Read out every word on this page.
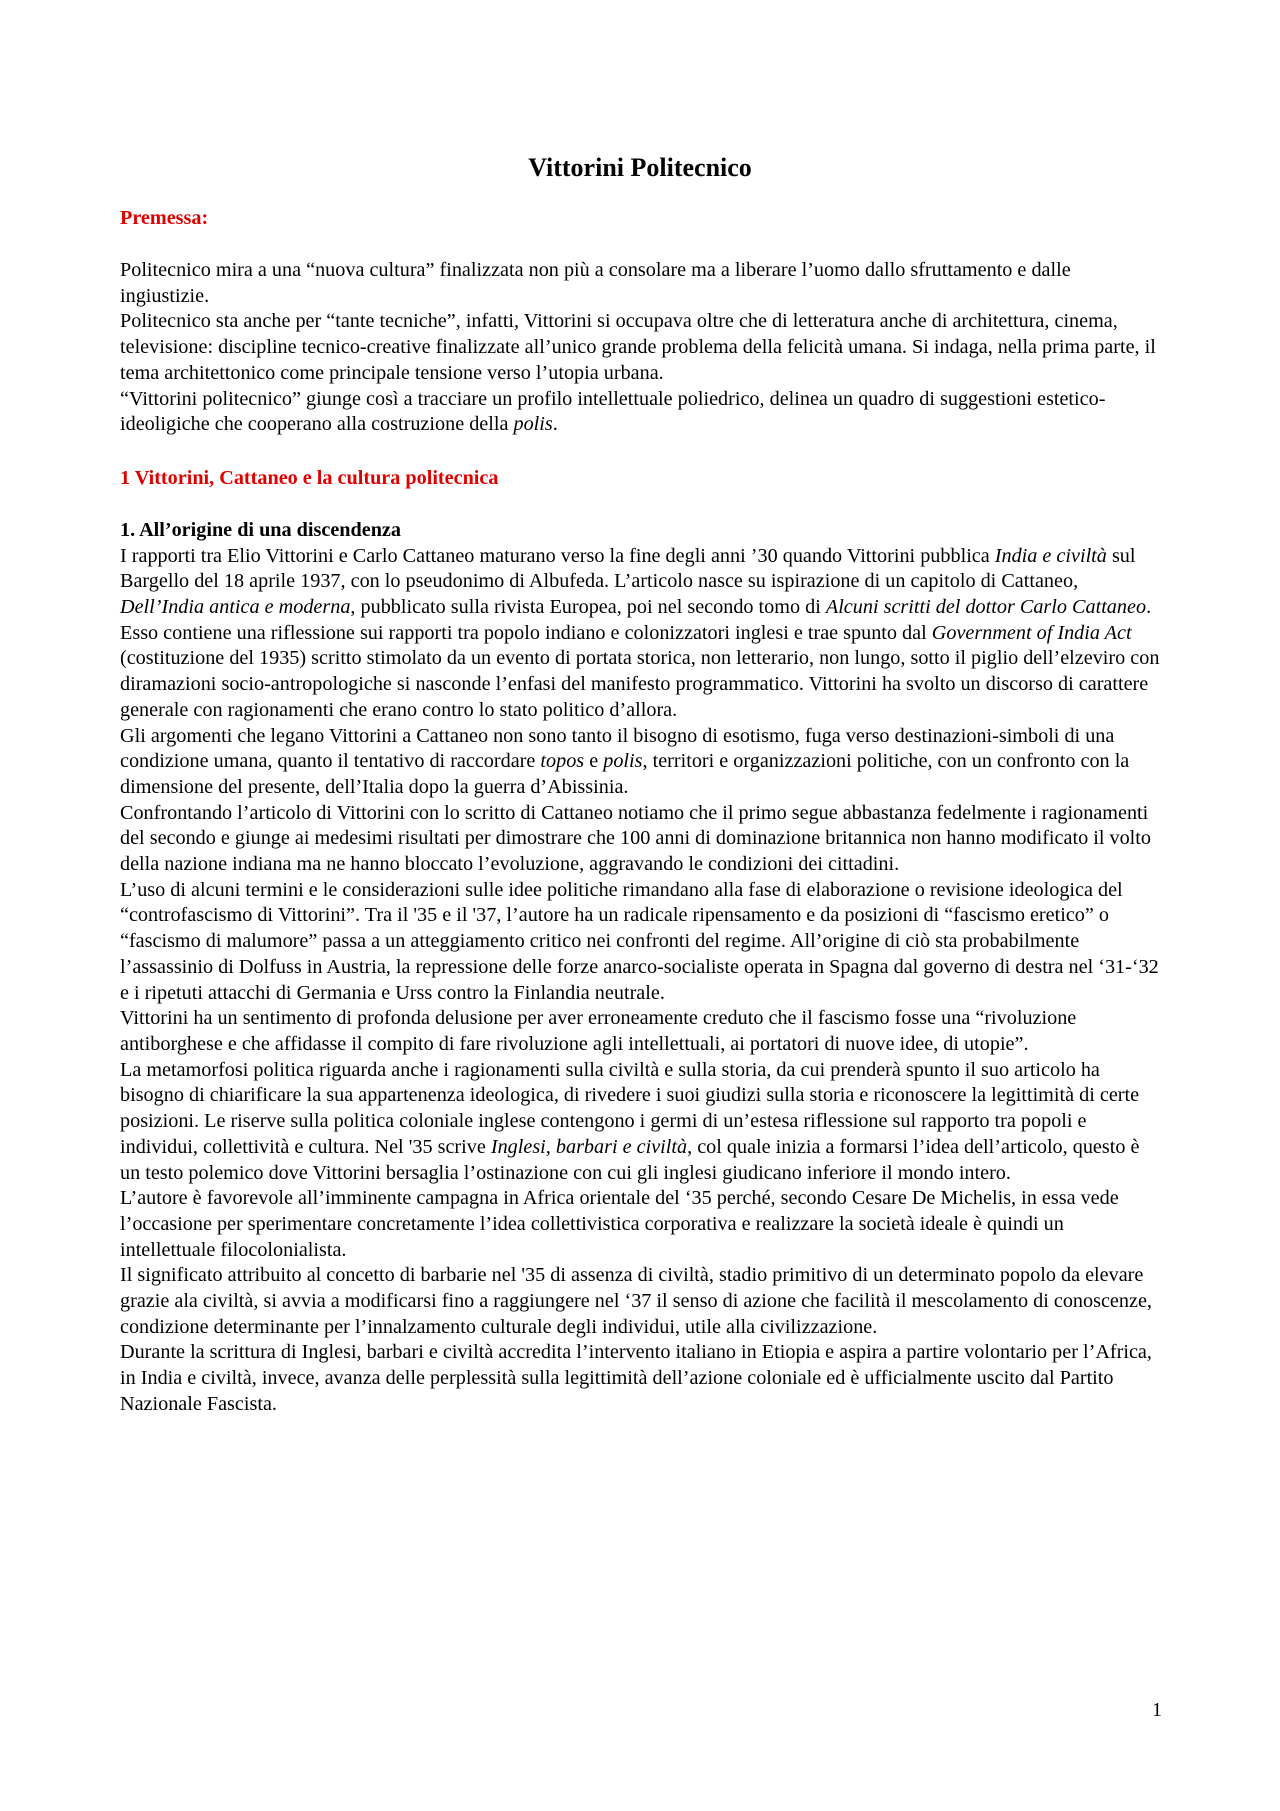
Vittorini Politecnico

Premessa:

Politecnico mira a una “nuova cultura” finalizzata non più a consolare ma a liberare l’uomo dallo sfruttamento e dalle ingiustizie.

Politecnico sta anche per “tante tecniche”, infatti, Vittorini si occupava oltre che di letteratura anche di architettura, cinema, televisione: discipline tecnico-creative finalizzate all’unico grande problema della felicità umana. Si indaga, nella prima parte, il tema architettonico come principale tensione verso l’utopia urbana.

“Vittorini politecnico” giunge così a tracciare un profilo intellettuale poliedrico, delinea un quadro di suggestioni estetico-ideoligiche che cooperano alla costruzione della polis.

1 Vittorini, Cattaneo e la cultura politecnica

1. All’origine di una discendenza

I rapporti tra Elio Vittorini e Carlo Cattaneo maturano verso la fine degli anni ’30 quando Vittorini pubblica India e civiltà sul Bargello del 18 aprile 1937, con lo pseudonimo di Albufeda. L’articolo nasce su ispirazione di un capitolo di Cattaneo, Dell’India antica e moderna, pubblicato sulla rivista Europea, poi nel secondo tomo di Alcuni scritti del dottor Carlo Cattaneo. Esso contiene una riflessione sui rapporti tra popolo indiano e colonizzatori inglesi e trae spunto dal Government of India Act (costituzione del 1935) scritto stimolato da un evento di portata storica, non letterario, non lungo, sotto il piglio dell’elzeviro con diramazioni socio-antropologiche si nasconde l’enfasi del manifesto programmatico. Vittorini ha svolto un discorso di carattere generale con ragionamenti che erano contro lo stato politico d’allora.

Gli argomenti che legano Vittorini a Cattaneo non sono tanto il bisogno di esotismo, fuga verso destinazioni-simboli di una condizione umana, quanto il tentativo di raccordare topos e polis, territori e organizzazioni politiche, con un confronto con la dimensione del presente, dell’Italia dopo la guerra d’Abissinia.

Confrontando l’articolo di Vittorini con lo scritto di Cattaneo notiamo che il primo segue abbastanza fedelmente i ragionamenti del secondo e giunge ai medesimi risultati per dimostrare che 100 anni di dominazione britannica non hanno modificato il volto della nazione indiana ma ne hanno bloccato l’evoluzione, aggravando le condizioni dei cittadini.

L’uso di alcuni termini e le considerazioni sulle idee politiche rimandano alla fase di elaborazione o revisione ideologica del “controfascismo di Vittorini”. Tra il '35 e il '37, l’autore ha un radicale ripensamento e da posizioni di “fascismo eretico” o “fascismo di malumore” passa a un atteggiamento critico nei confronti del regime. All’origine di ciò sta probabilmente l’assassinio di Dolfuss in Austria, la repressione delle forze anarco-socialiste operata in Spagna dal governo di destra nel ‘31-‘32 e i ripetuti attacchi di Germania e Urss contro la Finlandia neutrale.

Vittorini ha un sentimento di profonda delusione per aver erroneamente creduto che il fascismo fosse una “rivoluzione antiborghese e che affidasse il compito di fare rivoluzione agli intellettuali, ai portatori di nuove idee, di utopie”.

La metamorfosi politica riguarda anche i ragionamenti sulla civiltà e sulla storia, da cui prenderà spunto il suo articolo ha bisogno di chiarificare la sua appartenenza ideologica, di rivedere i suoi giudizi sulla storia e riconoscere la legittimità di certe posizioni. Le riserve sulla politica coloniale inglese contengono i germi di un’estesa riflessione sul rapporto tra popoli e individui, collettività e cultura. Nel '35 scrive Inglesi, barbari e civiltà, col quale inizia a formarsi l’idea dell’articolo, questo è un testo polemico dove Vittorini bersaglia l’ostinazione con cui gli inglesi giudicano inferiore il mondo intero.

L’autore è favorevole all’imminente campagna in Africa orientale del ‘35 perché, secondo Cesare De Michelis, in essa vede l’occasione per sperimentare concretamente l’idea collettivistica corporativa e realizzare la società ideale è quindi un intellettuale filocolonialista.

Il significato attribuito al concetto di barbarie nel '35 di assenza di civiltà, stadio primitivo di un determinato popolo da elevare grazie ala civiltà, si avvia a modificarsi fino a raggiungere nel ‘37 il senso di azione che facilità il mescolamento di conoscenze, condizione determinante per l’innalzamento culturale degli individui, utile alla civilizzazione.

Durante la scrittura di Inglesi, barbari e civiltà accredita l’intervento italiano in Etiopia e aspira a partire volontario per l’Africa, in India e civiltà, invece, avanza delle perplessità sulla legittimità dell’azione coloniale ed è ufficialmente uscito dal Partito Nazionale Fascista.

1
